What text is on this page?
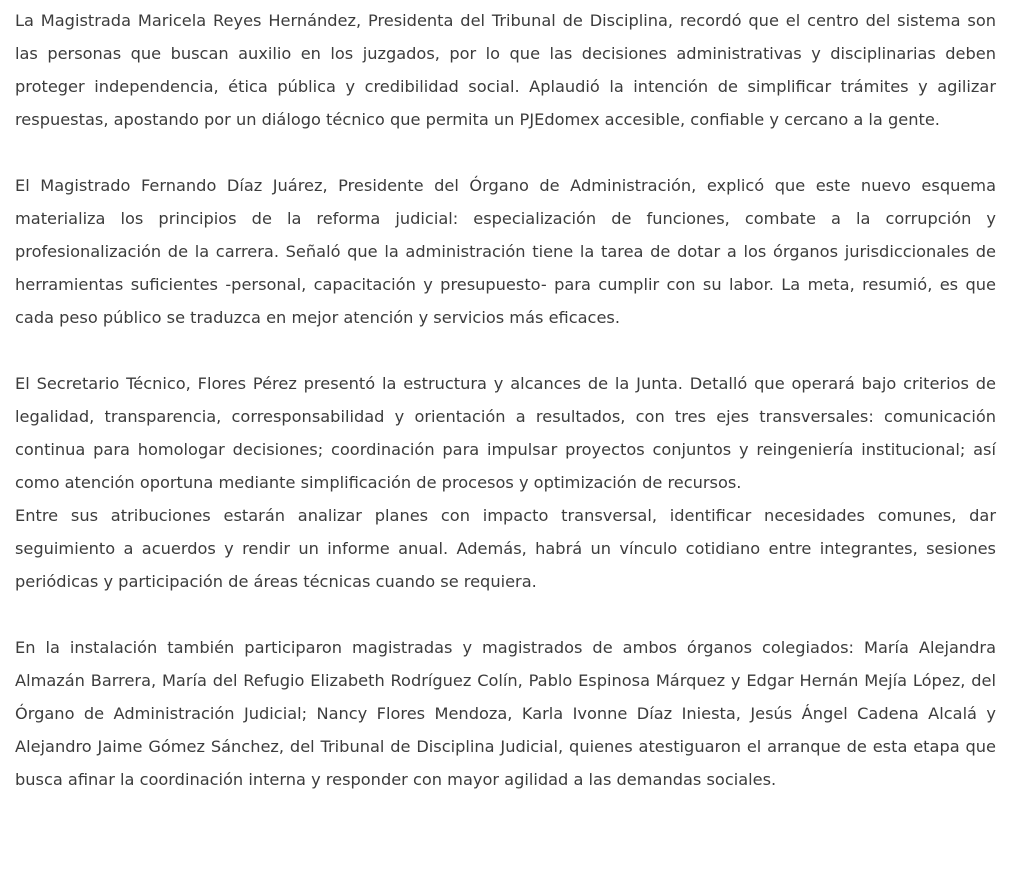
La Magistrada Maricela Reyes Hernández, Presidenta del Tribunal de Disciplina, recordó que el centro del sistema son las personas que buscan auxilio en los juzgados, por lo que las decisiones administrativas y disciplinarias deben proteger independencia, ética pública y credibilidad social. Aplaudió la intención de simplificar trámites y agilizar respuestas, apostando por un diálogo técnico que permita un PJEdomex accesible, confiable y cercano a la gente.

El Magistrado Fernando Díaz Juárez, Presidente del Órgano de Administración, explicó que este nuevo esquema materializa los principios de la reforma judicial: especialización de funciones, combate a la corrupción y profesionalización de la carrera. Señaló que la administración tiene la tarea de dotar a los órganos jurisdiccionales de herramientas suficientes -personal, capacitación y presupuesto- para cumplir con su labor. La meta, resumió, es que cada peso público se traduzca en mejor atención y servicios más eficaces.

El Secretario Técnico, Flores Pérez presentó la estructura y alcances de la Junta. Detalló que operará bajo criterios de legalidad, transparencia, corresponsabilidad y orientación a resultados, con tres ejes transversales: comunicación continua para homologar decisiones; coordinación para impulsar proyectos conjuntos y reingeniería institucional; así como atención oportuna mediante simplificación de procesos y optimización de recursos.

Entre sus atribuciones estarán analizar planes con impacto transversal, identificar necesidades comunes, dar seguimiento a acuerdos y rendir un informe anual. Además, habrá un vínculo cotidiano entre integrantes, sesiones periódicas y participación de áreas técnicas cuando se requiera.

En la instalación también participaron magistradas y magistrados de ambos órganos colegiados: María Alejandra Almazán Barrera, María del Refugio Elizabeth Rodríguez Colín, Pablo Espinosa Márquez y Edgar Hernán Mejía López, del Órgano de Administración Judicial; Nancy Flores Mendoza, Karla Ivonne Díaz Iniesta, Jesús Ángel Cadena Alcalá y Alejandro Jaime Gómez Sánchez, del Tribunal de Disciplina Judicial, quienes atestiguaron el arranque de esta etapa que busca afinar la coordinación interna y responder con mayor agilidad a las demandas sociales.
